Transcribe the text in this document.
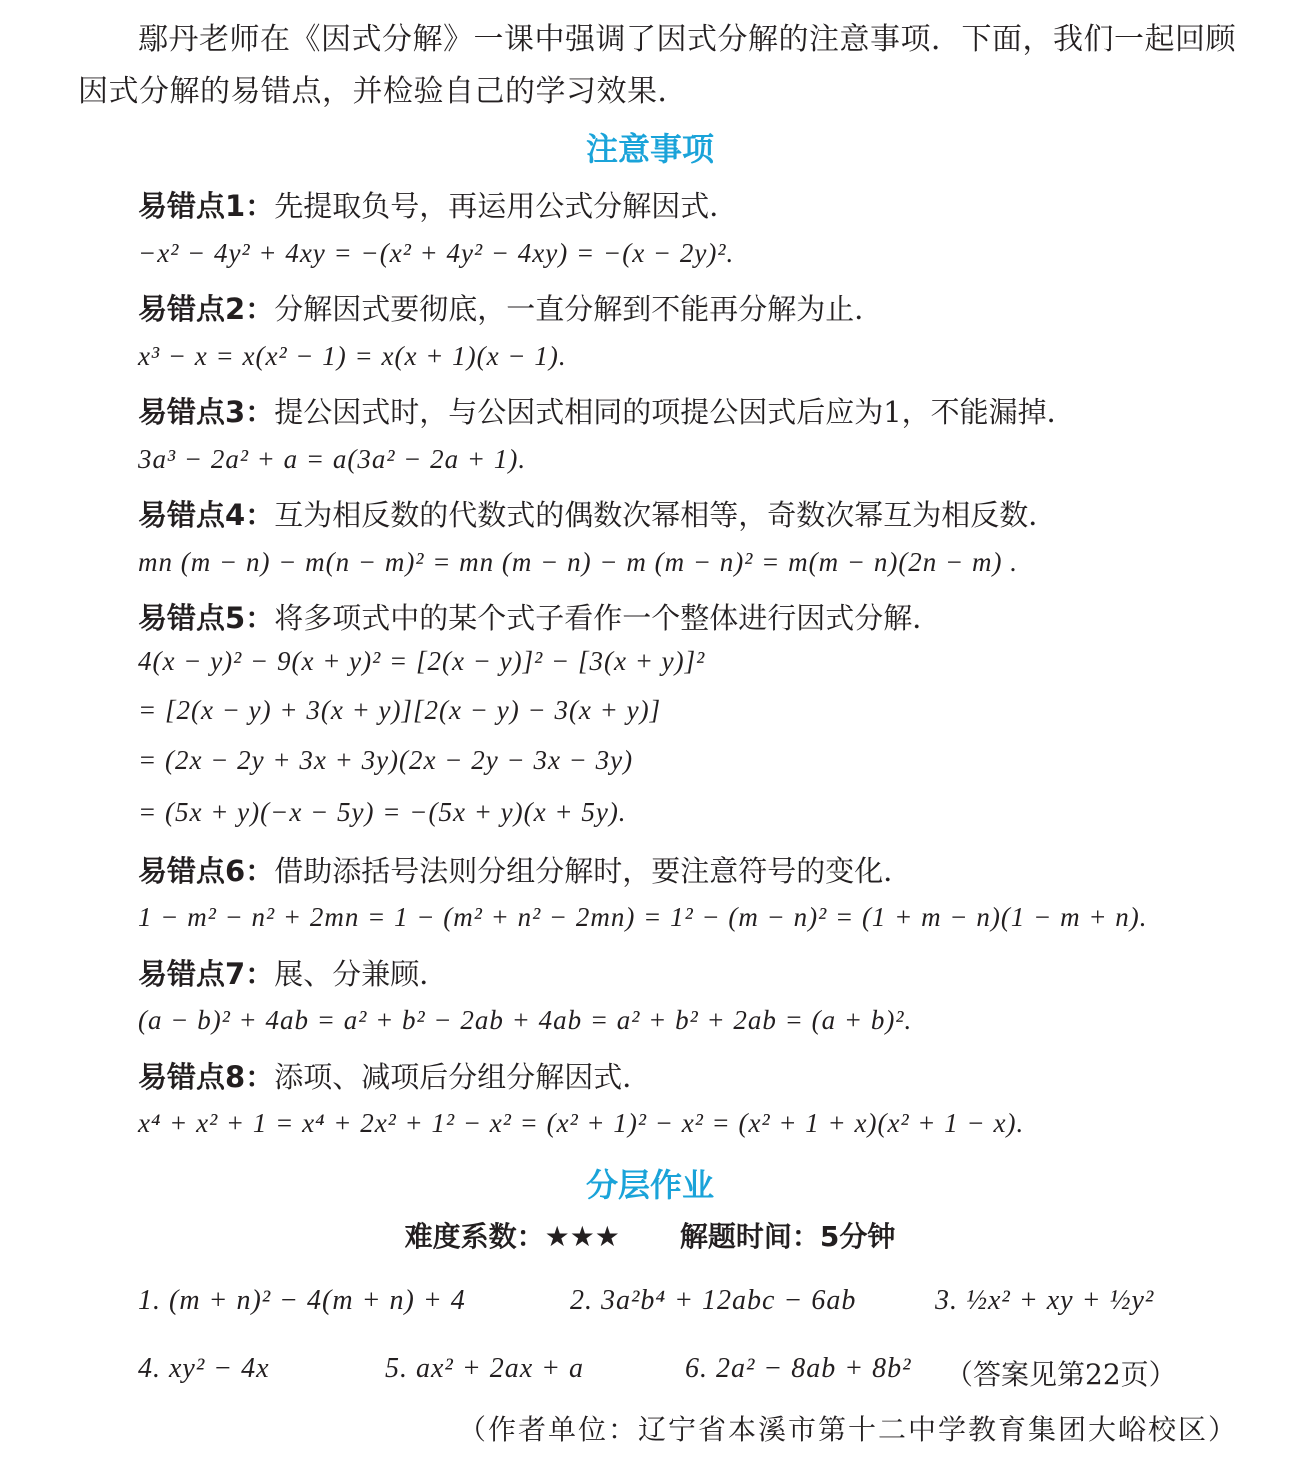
鄢丹老师在《因式分解》一课中强调了因式分解的注意事项．下面，我们一起回顾因式分解的易错点，并检验自己的学习效果．
注意事项
易错点1：先提取负号，再运用公式分解因式．
−x² − 4y² + 4xy = −(x² + 4y² − 4xy) = −(x − 2y)².
易错点2：分解因式要彻底，一直分解到不能再分解为止．
x³ − x = x(x² − 1) = x(x + 1)(x − 1).
易错点3：提公因式时，与公因式相同的项提公因式后应为1，不能漏掉．
3a³ − 2a² + a = a(3a² − 2a + 1).
易错点4：互为相反数的代数式的偶数次幂相等，奇数次幂互为相反数．
mn (m − n) − m(n − m)² = mn (m − n) − m (m − n)² = m(m − n)(2n − m) .
易错点5：将多项式中的某个式子看作一个整体进行因式分解．
4(x − y)² − 9(x + y)² = [2(x − y)]² − [3(x + y)]²
= [2(x − y) + 3(x + y)][2(x − y) − 3(x + y)]
= (2x − 2y + 3x + 3y)(2x − 2y − 3x − 3y)
= (5x + y)(−x − 5y) = −(5x + y)(x + 5y).
易错点6：借助添括号法则分组分解时，要注意符号的变化．
1 − m² − n² + 2mn = 1 − (m² + n² − 2mn) = 1² − (m − n)² = (1 + m − n)(1 − m + n).
易错点7：展、分兼顾．
(a − b)² + 4ab = a² + b² − 2ab + 4ab = a² + b² + 2ab = (a + b)².
易错点8：添项、减项后分组分解因式．
x⁴ + x² + 1 = x⁴ + 2x² + 1² − x² = (x² + 1)² − x² = (x² + 1 + x)(x² + 1 − x).
分层作业
难度系数：★★★ 解题时间：5分钟
1. (m + n)² − 4(m + n) + 4	2. 3a²b⁴ + 12abc − 6ab	3. ½x² + xy + ½y²
4. xy² − 4x	5. ax² + 2ax + a	6. 2a² − 8ab + 8b² （答案见第22页）
（作者单位：辽宁省本溪市第十二中学教育集团大峪校区）
